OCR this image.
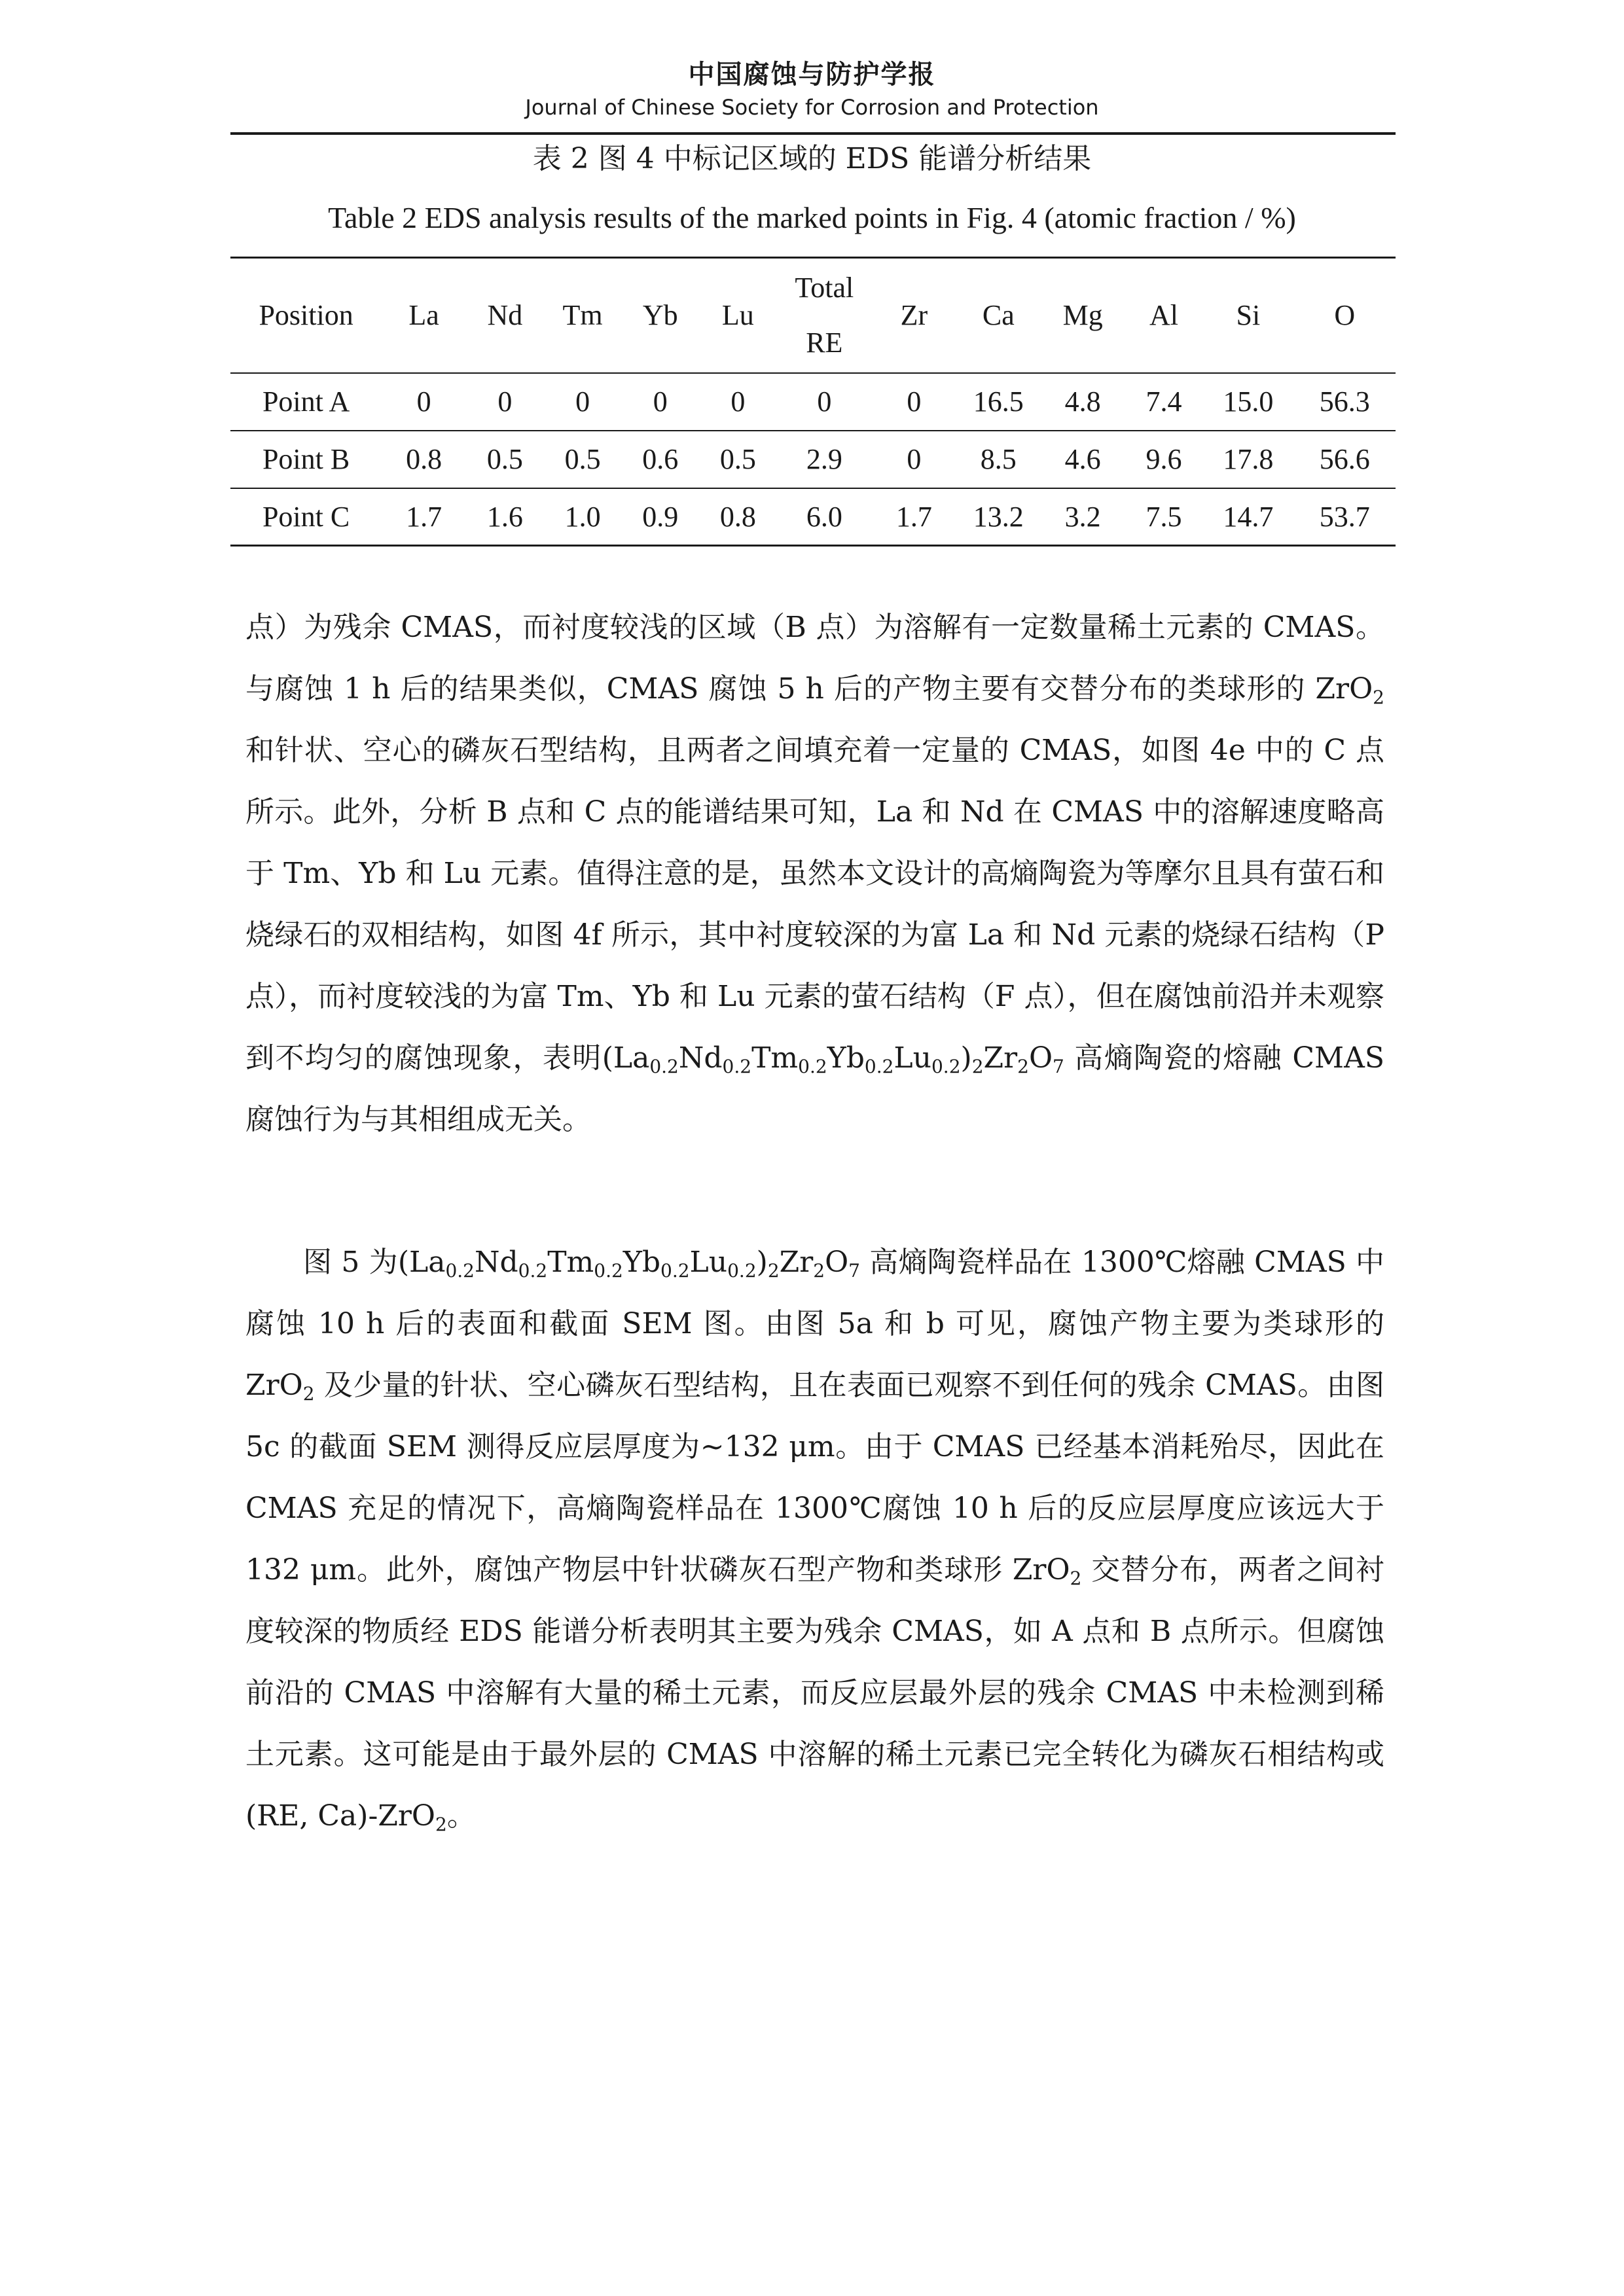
中国腐蚀与防护学报
Journal of Chinese Society for Corrosion and Protection
表 2 图 4 中标记区域的 EDS 能谱分析结果
Table 2 EDS analysis results of the marked points in Fig. 4 (atomic fraction / %)
Position	La	Nd	Tm	Yb	Lu	Total RE	Zr	Ca	Mg	Al	Si	O
Point A	0	0	0	0	0	0	0	16.5	4.8	7.4	15.0	56.3
Point B	0.8	0.5	0.5	0.6	0.5	2.9	0	8.5	4.6	9.6	17.8	56.6
Point C	1.7	1.6	1.0	0.9	0.8	6.0	1.7	13.2	3.2	7.5	14.7	53.7
点）为残余 CMAS，而衬度较浅的区域（B 点）为溶解有一定数量稀土元素的 CMAS。与腐蚀 1 h 后的结果类似，CMAS 腐蚀 5 h 后的产物主要有交替分布的类球形的 ZrO$_2$ 和针状、空心的磷灰石型结构，且两者之间填充着一定量的 CMAS，如图 4e 中的 C 点所示。此外，分析 B 点和 C 点的能谱结果可知，La 和 Nd 在 CMAS 中的溶解速度略高于 Tm、Yb 和 Lu 元素。值得注意的是，虽然本文设计的高熵陶瓷为等摩尔且具有萤石和烧绿石的双相结构，如图 4f 所示，其中衬度较深的为富 La 和 Nd 元素的烧绿石结构（P 点），而衬度较浅的为富 Tm、Yb 和 Lu 元素的萤石结构（F 点），但在腐蚀前沿并未观察到不均匀的腐蚀现象，表明$(La_{0.2}Nd_{0.2}Tm_{0.2}Yb_{0.2}Lu_{0.2})_2Zr_2O_7$ 高熵陶瓷的熔融 CMAS 腐蚀行为与其相组成无关。
图 5 为$(La_{0.2}Nd_{0.2}Tm_{0.2}Yb_{0.2}Lu_{0.2})_2Zr_2O_7$ 高熵陶瓷样品在 1300℃熔融 CMAS 中腐蚀 10 h 后的表面和截面 SEM 图。由图 5a 和 b 可见，腐蚀产物主要为类球形的 ZrO$_2$ 及少量的针状、空心磷灰石型结构，且在表面已观察不到任何的残余 CMAS。由图 5c 的截面 SEM 测得反应层厚度为~132 μm。由于 CMAS 已经基本消耗殆尽，因此在 CMAS 充足的情况下，高熵陶瓷样品在 1300℃腐蚀 10 h 后的反应层厚度应该远大于 132 μm。此外，腐蚀产物层中针状磷灰石型产物和类球形 ZrO$_2$ 交替分布，两者之间衬度较深的物质经 EDS 能谱分析表明其主要为残余 CMAS，如 A 点和 B 点所示。但腐蚀前沿的 CMAS 中溶解有大量的稀土元素，而反应层最外层的残余 CMAS 中未检测到稀土元素。这可能是由于最外层的 CMAS 中溶解的稀土元素已完全转化为磷灰石相结构或(RE, Ca)-ZrO$_2$。
